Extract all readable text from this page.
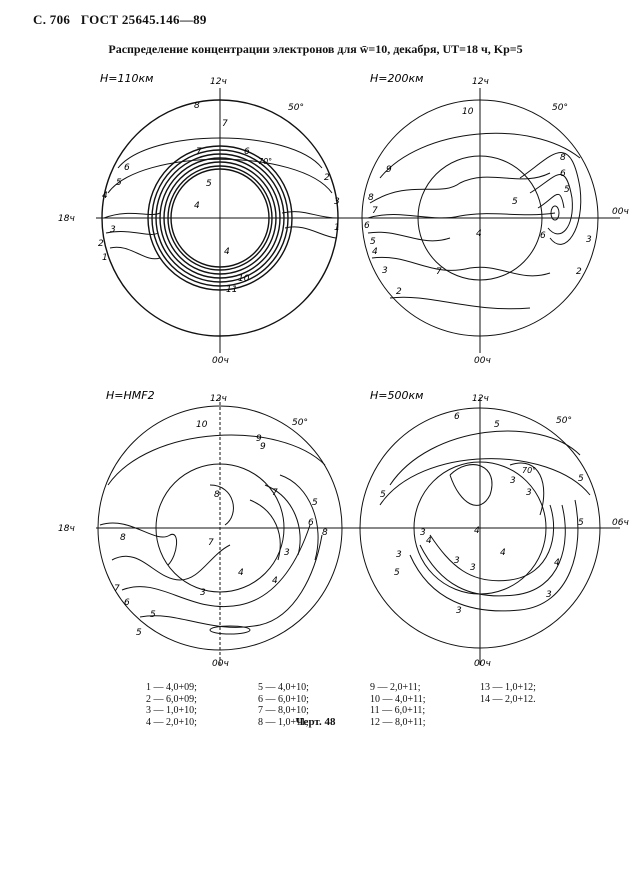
С. 706 ГОСТ 25645.146—89
Распределение концентрации электронов для w̄=10, декабря, UT=18 ч, Kp=5
H=110км	12ч
00ч
18ч
50°
70°
8
7
6
5
4
3
2
1
7	6
5
4
10
11
3
1
2
4
H=200км	12ч
00ч
00ч
50°
10
9
8
7
6
5
4
3
2
7
6
5
4
3
2
8
6
5
H=HMF2	12ч
00ч
18ч
50°
10
9
8
7
6
5
4
3
8
7
6
5
4
3
9
8
7
5
H=500км	12ч
00ч
06ч
50°
70°
6
5
5
4
3
3
5
4
3
3
3
4
5
3
4
3
3
5
1 — 4,0+09;
2 — 6,0+09;
3 — 1,0+10;
4 — 2,0+10;
5 — 4,0+10;
6 — 6,0+10;
7 — 8,0+10;
8 — 1,0+11;
9 — 2,0+11;
10 — 4,0+11;
11 — 6,0+11;
12 — 8,0+11;
13 — 1,0+12;
14 — 2,0+12.
Черт. 48
